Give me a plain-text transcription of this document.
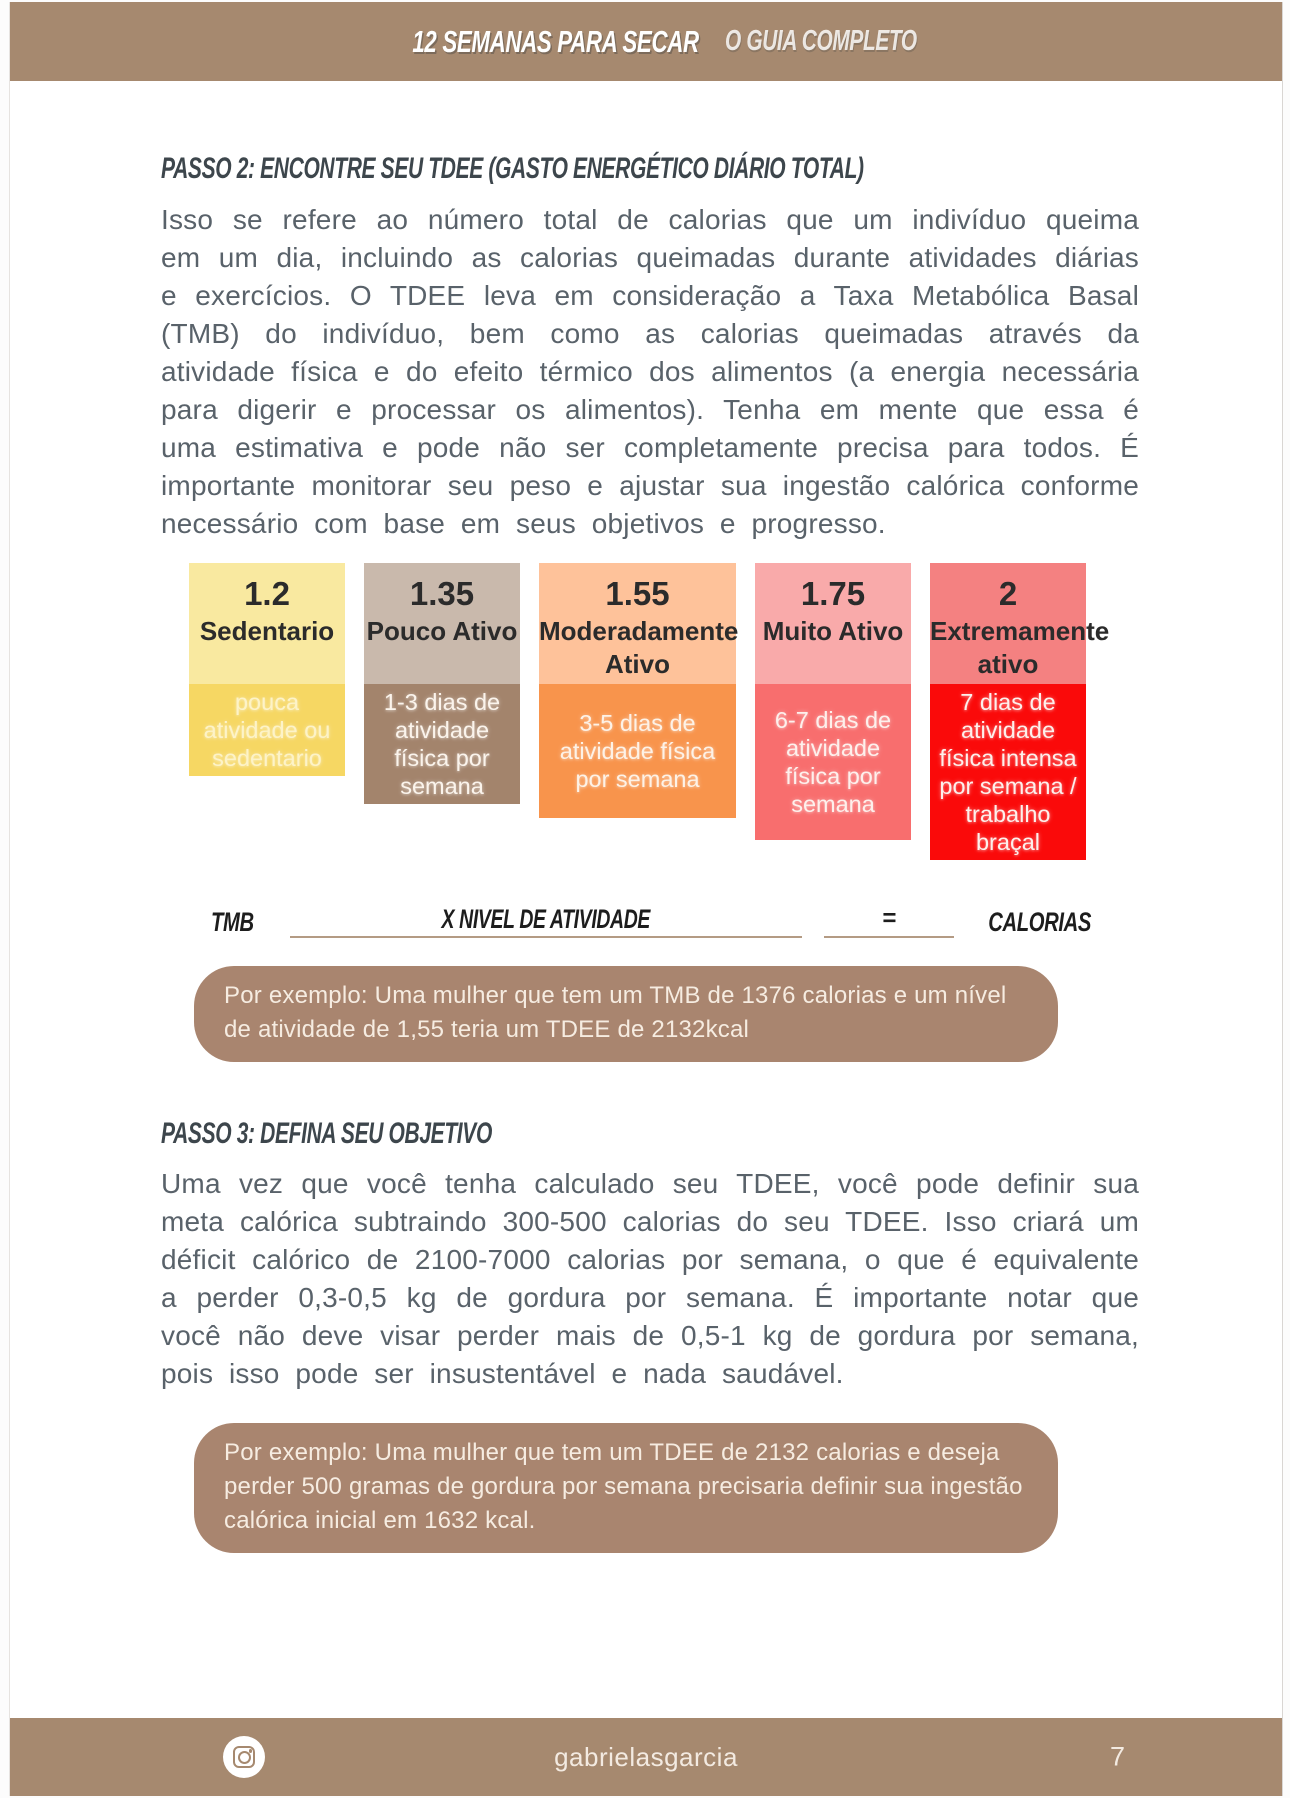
12 SEMANAS PARA SECAR O GUIA COMPLETO
PASSO 2: ENCONTRE SEU TDEE (GASTO ENERGÉTICO DIÁRIO TOTAL)

Isso se refere ao número total de calorias que um indivíduo queima em um dia, incluindo as calorias queimadas durante atividades diárias e exercícios. O TDEE leva em consideração a Taxa Metabólica Basal (TMB) do indivíduo, bem como as calorias queimadas através da atividade física e do efeito térmico dos alimentos (a energia necessária para digerir e processar os alimentos). Tenha em mente que essa é uma estimativa e pode não ser completamente precisa para todos. É importante monitorar seu peso e ajustar sua ingestão calórica conforme necessário com base em seus objetivos e progresso.

1.2
Sedentario
pouca atividade ou sedentario
1.35
Pouco Ativo
1-3 dias de atividade física por semana
1.55
Moderadamente Ativo
3-5 dias de atividade física por semana
1.75
Muito Ativo
6-7 dias de atividade física por semana
2
Extremamente ativo
7 dias de atividade física intensa por semana / trabalho braçal
TMB	X NIVEL DE ATIVIDADE	=	CALORIAS
Por exemplo: Uma mulher que tem um TMB de 1376 calorias e um nível de atividade de 1,55 teria um TDEE de 2132kcal
PASSO 3: DEFINA SEU OBJETIVO

Uma vez que você tenha calculado seu TDEE, você pode definir sua meta calórica subtraindo 300-500 calorias do seu TDEE. Isso criará um déficit calórico de 2100-7000 calorias por semana, o que é equivalente a perder 0,3-0,5 kg de gordura por semana. É importante notar que você não deve visar perder mais de 0,5-1 kg de gordura por semana, pois isso pode ser insustentável e nada saudável.

Por exemplo: Uma mulher que tem um TDEE de 2132 calorias e deseja perder 500 gramas de gordura por semana precisaria definir sua ingestão calórica inicial em 1632 kcal.
gabrielasgarcia	7
